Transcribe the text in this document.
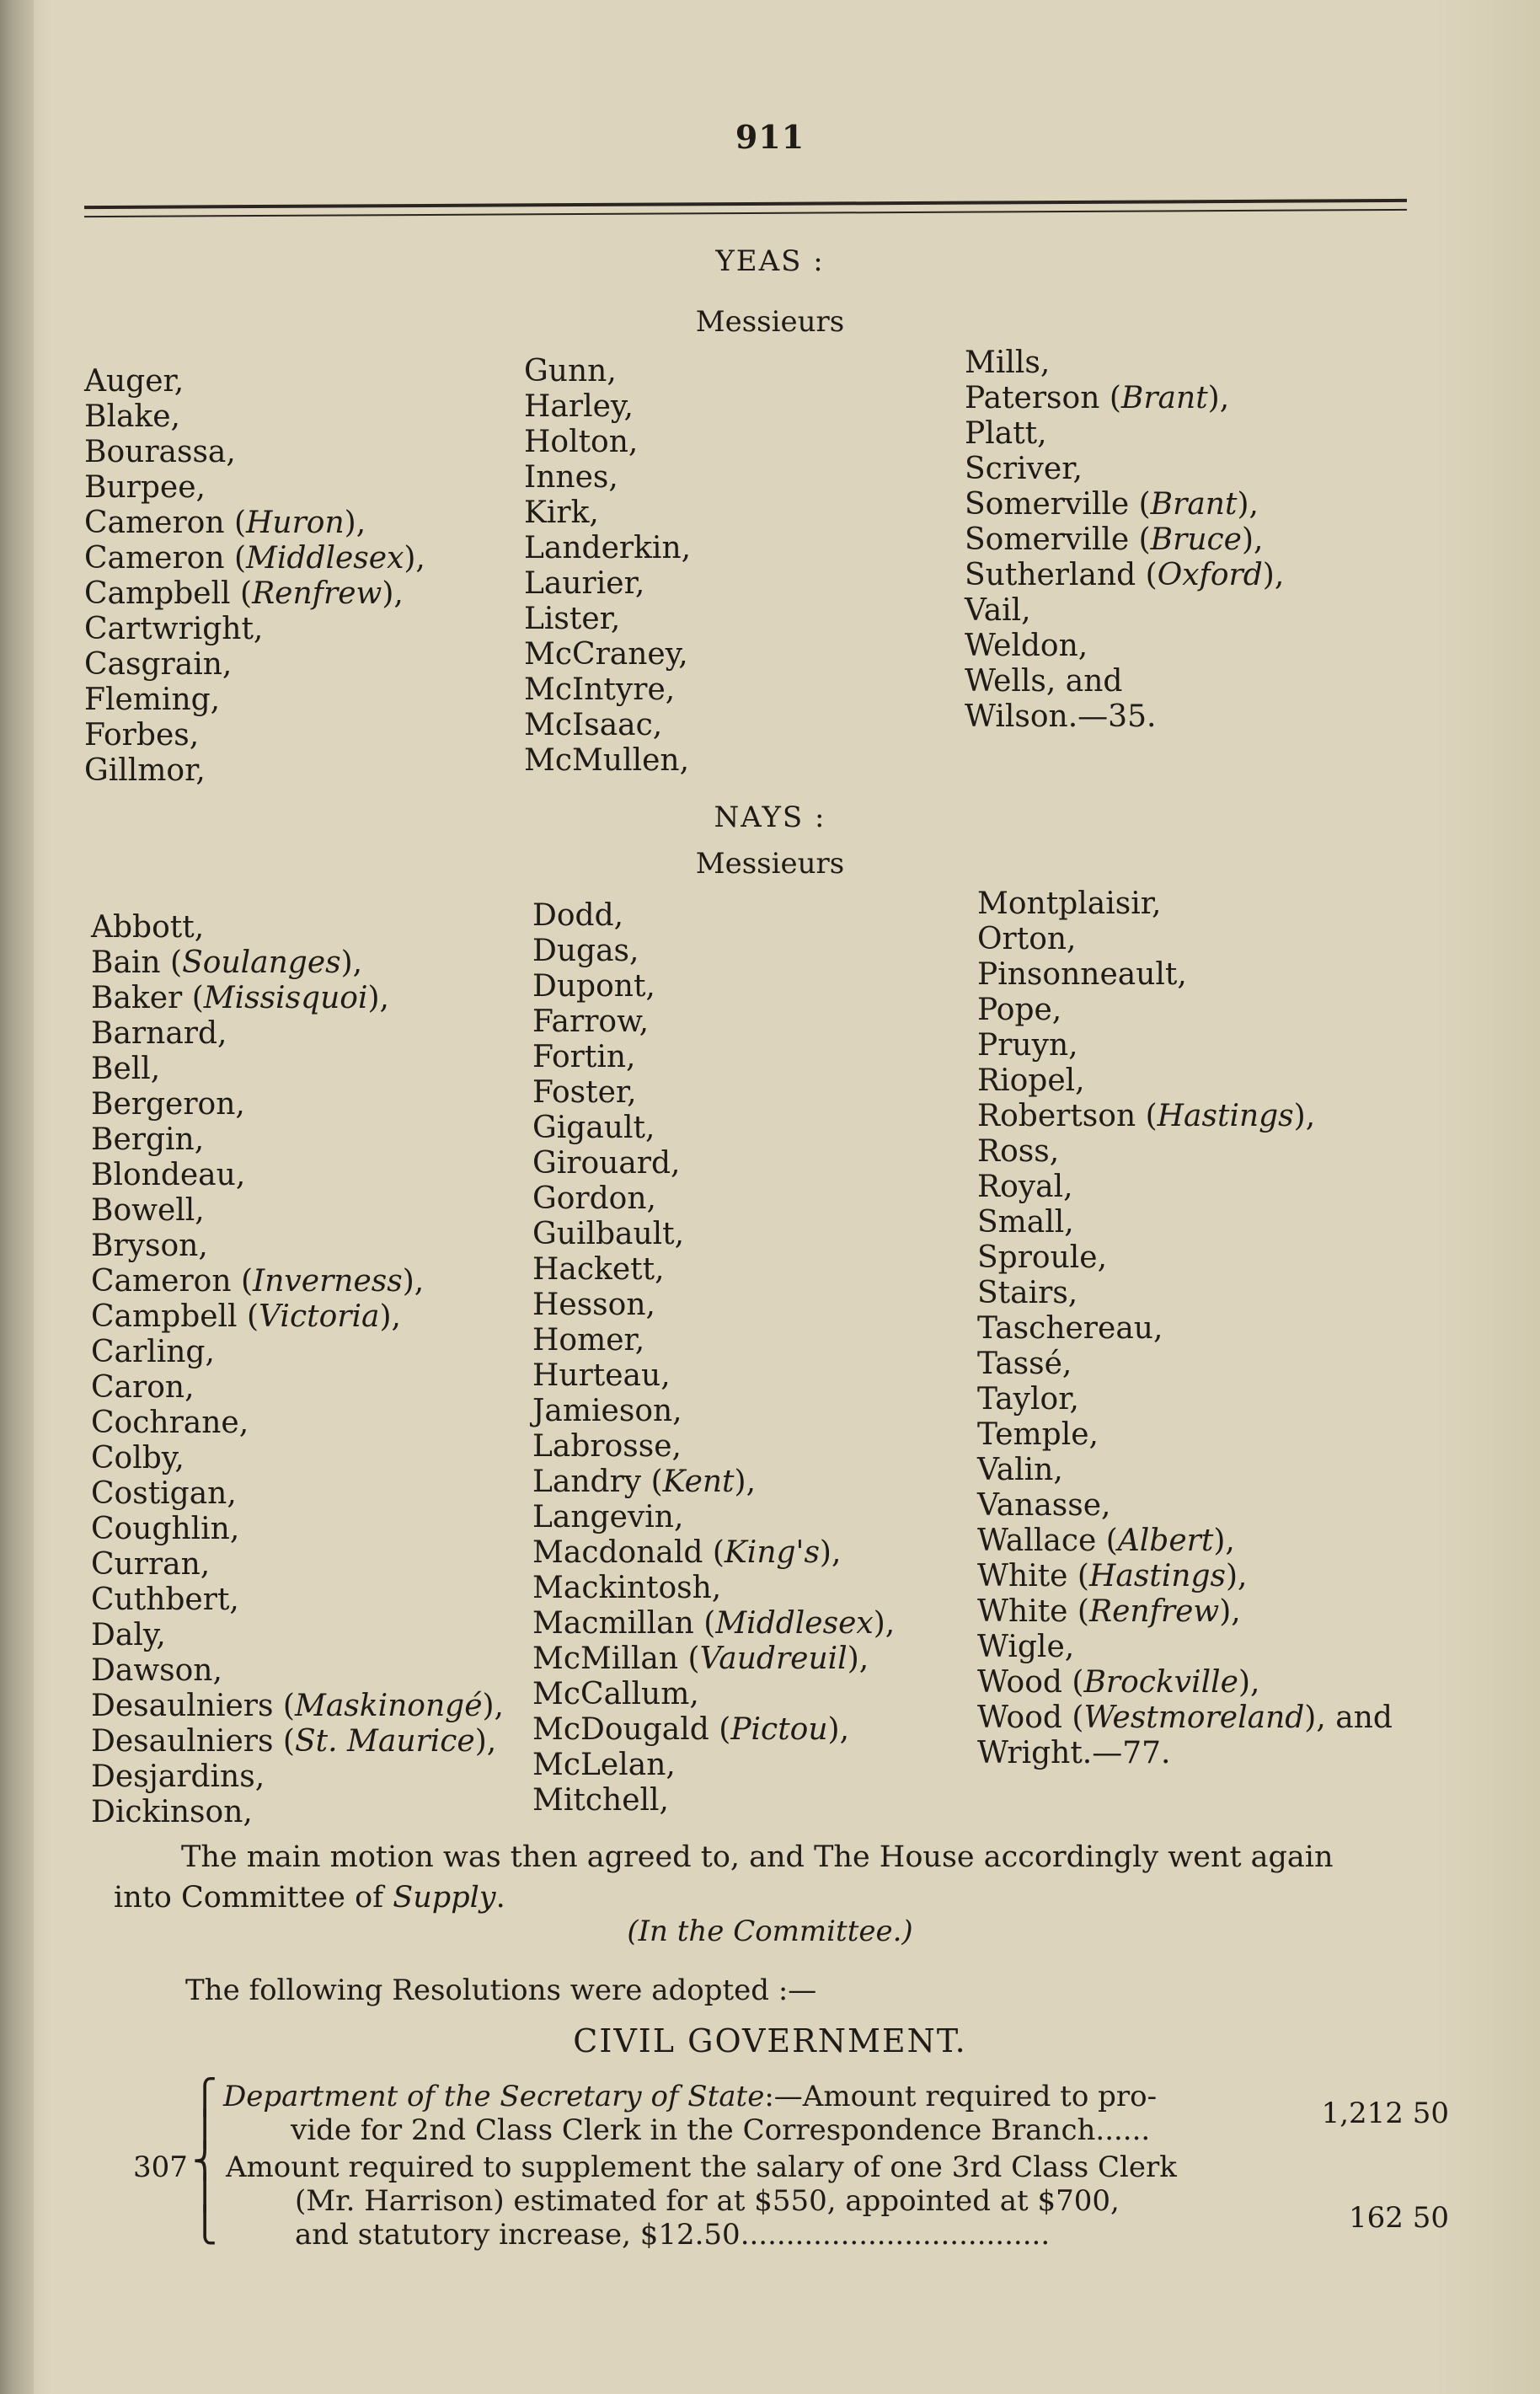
911
YEAS :
Messieurs
Auger,
Blake,
Bourassa,
Burpee,
Cameron (Huron),
Cameron (Middlesex),
Campbell (Renfrew),
Cartwright,
Casgrain,
Fleming,
Forbes,
Gillmor,
Gunn,
Harley,
Holton,
Innes,
Kirk,
Landerkin,
Laurier,
Lister,
McCraney,
McIntyre,
McIsaac,
McMullen,
Mills,
Paterson (Brant),
Platt,
Scriver,
Somerville (Brant),
Somerville (Bruce),
Sutherland (Oxford),
Vail,
Weldon,
Wells, and
Wilson.—35.
NAYS :
Messieurs
Abbott,
Bain (Soulanges),
Baker (Missisquoi),
Barnard,
Bell,
Bergeron,
Bergin,
Blondeau,
Bowell,
Bryson,
Cameron (Inverness),
Campbell (Victoria),
Carling,
Caron,
Cochrane,
Colby,
Costigan,
Coughlin,
Curran,
Cuthbert,
Daly,
Dawson,
Desaulniers (Maskinongé),
Desaulniers (St. Maurice),
Desjardins,
Dickinson,
Dodd,
Dugas,
Dupont,
Farrow,
Fortin,
Foster,
Gigault,
Girouard,
Gordon,
Guilbault,
Hackett,
Hesson,
Homer,
Hurteau,
Jamieson,
Labrosse,
Landry (Kent),
Langevin,
Macdonald (King's),
Mackintosh,
Macmillan (Middlesex),
McMillan (Vaudreuil),
McCallum,
McDougald (Pictou),
McLelan,
Mitchell,
Montplaisir,
Orton,
Pinsonneault,
Pope,
Pruyn,
Riopel,
Robertson (Hastings),
Ross,
Royal,
Small,
Sproule,
Stairs,
Taschereau,
Tassé,
Taylor,
Temple,
Valin,
Vanasse,
Wallace (Albert),
White (Hastings),
White (Renfrew),
Wigle,
Wood (Brockville),
Wood (Westmoreland), and
Wright.—77.
The main motion was then agreed to, and The House accordingly went again
into Committee of Supply.
(In the Committee.)
The following Resolutions were adopted :—
CIVIL GOVERNMENT.
307
⎧
⎪
⎨
⎪
⎩
Department of the Secretary of State:—Amount required to pro-
vide for 2nd Class Clerk in the Correspondence Branch......	1,212 50
Amount required to supplement the salary of one 3rd Class Clerk
(Mr. Harrison) estimated for at $550, appointed at $700,
and statutory increase, $12.50..................................	162 50
